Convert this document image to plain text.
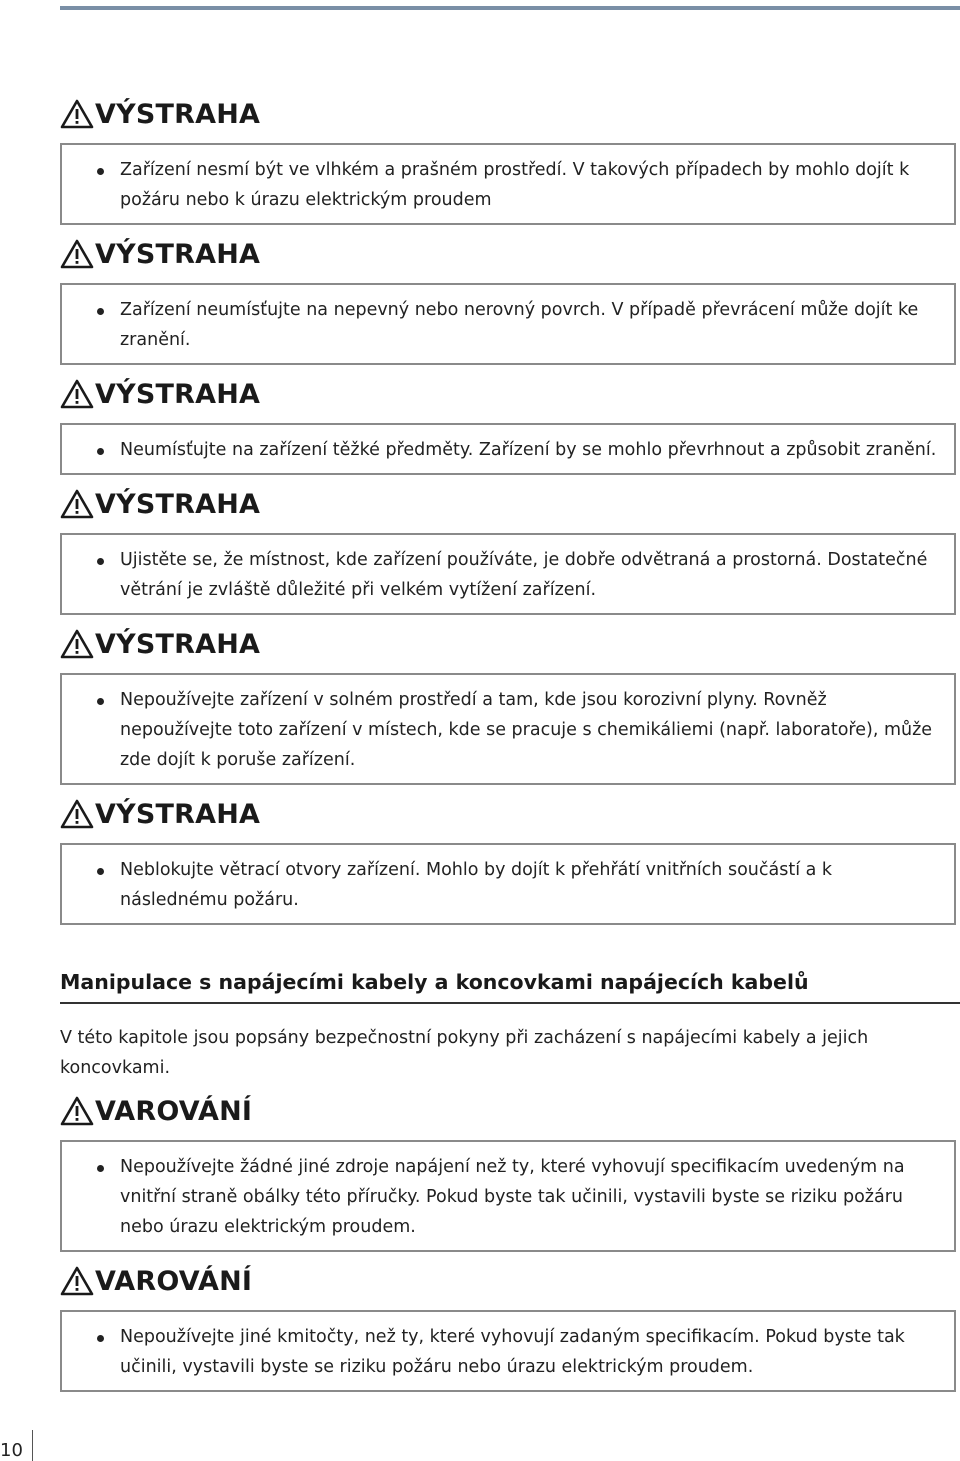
VÝSTRAHA
Zařízení nesmí být ve vlhkém a prašném prostředí. V takových případech by mohlo dojít k požáru nebo k úrazu elektrickým proudem
VÝSTRAHA
Zařízení neumísťujte na nepevný nebo nerovný povrch. V případě převrácení může dojít ke zranění.
VÝSTRAHA
Neumísťujte na zařízení těžké předměty. Zařízení by se mohlo převrhnout a způsobit zranění.
VÝSTRAHA
Ujistěte se, že místnost, kde zařízení používáte, je dobře odvětraná a prostorná. Dostatečné větrání je zvláště důležité při velkém vytížení zařízení.
VÝSTRAHA
Nepoužívejte zařízení v solném prostředí a tam, kde jsou korozivní plyny. Rovněž nepoužívejte toto zařízení v místech, kde se pracuje s chemikáliemi (např. laboratoře), může zde dojít k poruše zařízení.
VÝSTRAHA
Neblokujte větrací otvory zařízení. Mohlo by dojít k přehřátí vnitřních součástí a k následnému požáru.
Manipulace s napájecími kabely a koncovkami napájecích kabelů
V této kapitole jsou popsány bezpečnostní pokyny při zacházení s napájecími kabely a jejich koncovkami.
VAROVÁNÍ
Nepoužívejte žádné jiné zdroje napájení než ty, které vyhovují specifikacím uvedeným na vnitřní straně obálky této příručky. Pokud byste tak učinili, vystavili byste se riziku požáru nebo úrazu elektrickým proudem.
VAROVÁNÍ
Nepoužívejte jiné kmitočty, než ty, které vyhovují zadaným specifikacím. Pokud byste tak učinili, vystavili byste se riziku požáru nebo úrazu elektrickým proudem.
10
